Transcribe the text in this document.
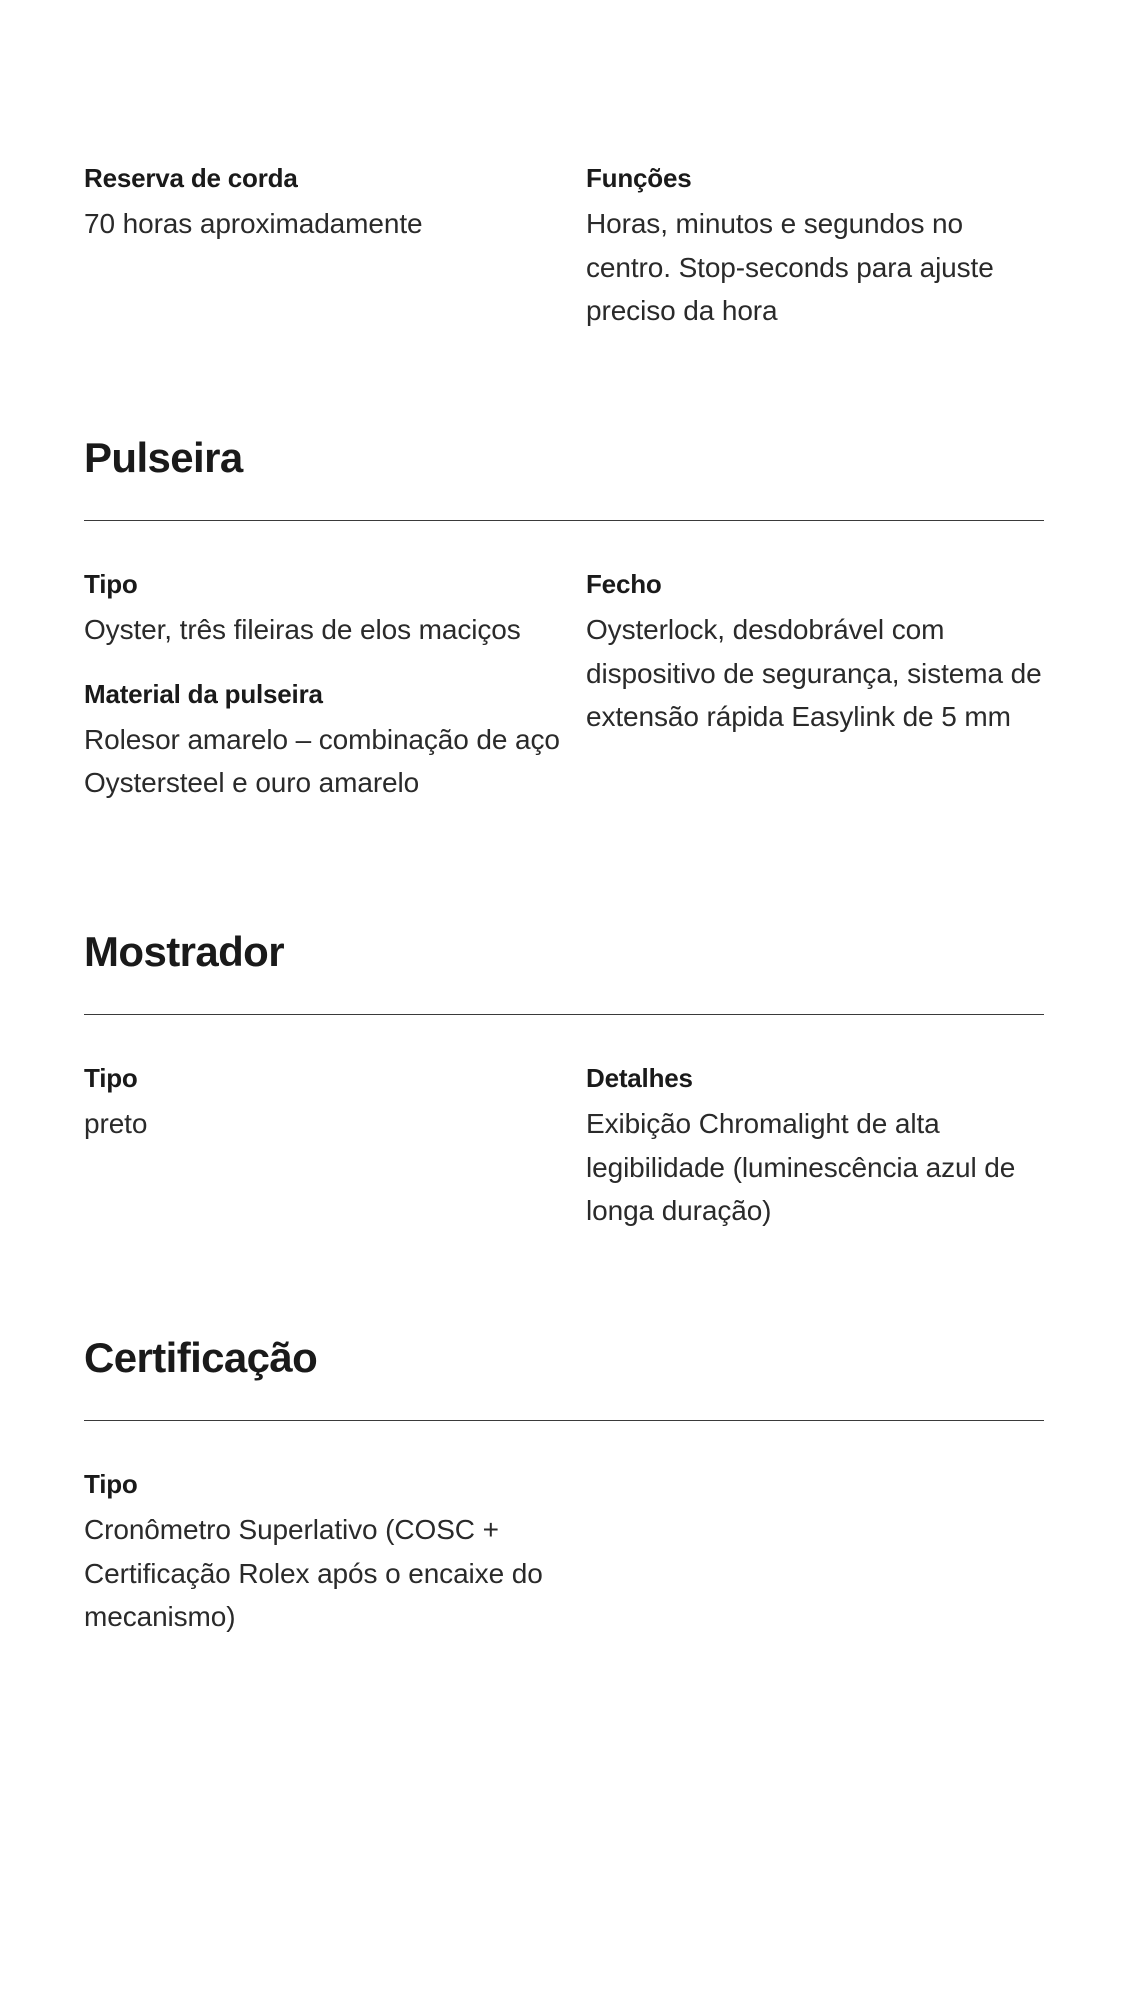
Reserva de corda
70 horas aproximadamente
Funções
Horas, minutos e segundos no centro. Stop-seconds para ajuste preciso da hora
Pulseira
Tipo
Oyster, três fileiras de elos maciços
Material da pulseira
Rolesor amarelo – combinação de aço Oystersteel e ouro amarelo
Fecho
Oysterlock, desdobrável com dispositivo de segurança, sistema de extensão rápida Easylink de 5 mm
Mostrador
Tipo
preto
Detalhes
Exibição Chromalight de alta legibilidade (luminescência azul de longa duração)
Certificação
Tipo
Cronômetro Superlativo (COSC + Certificação Rolex após o encaixe do mecanismo)
